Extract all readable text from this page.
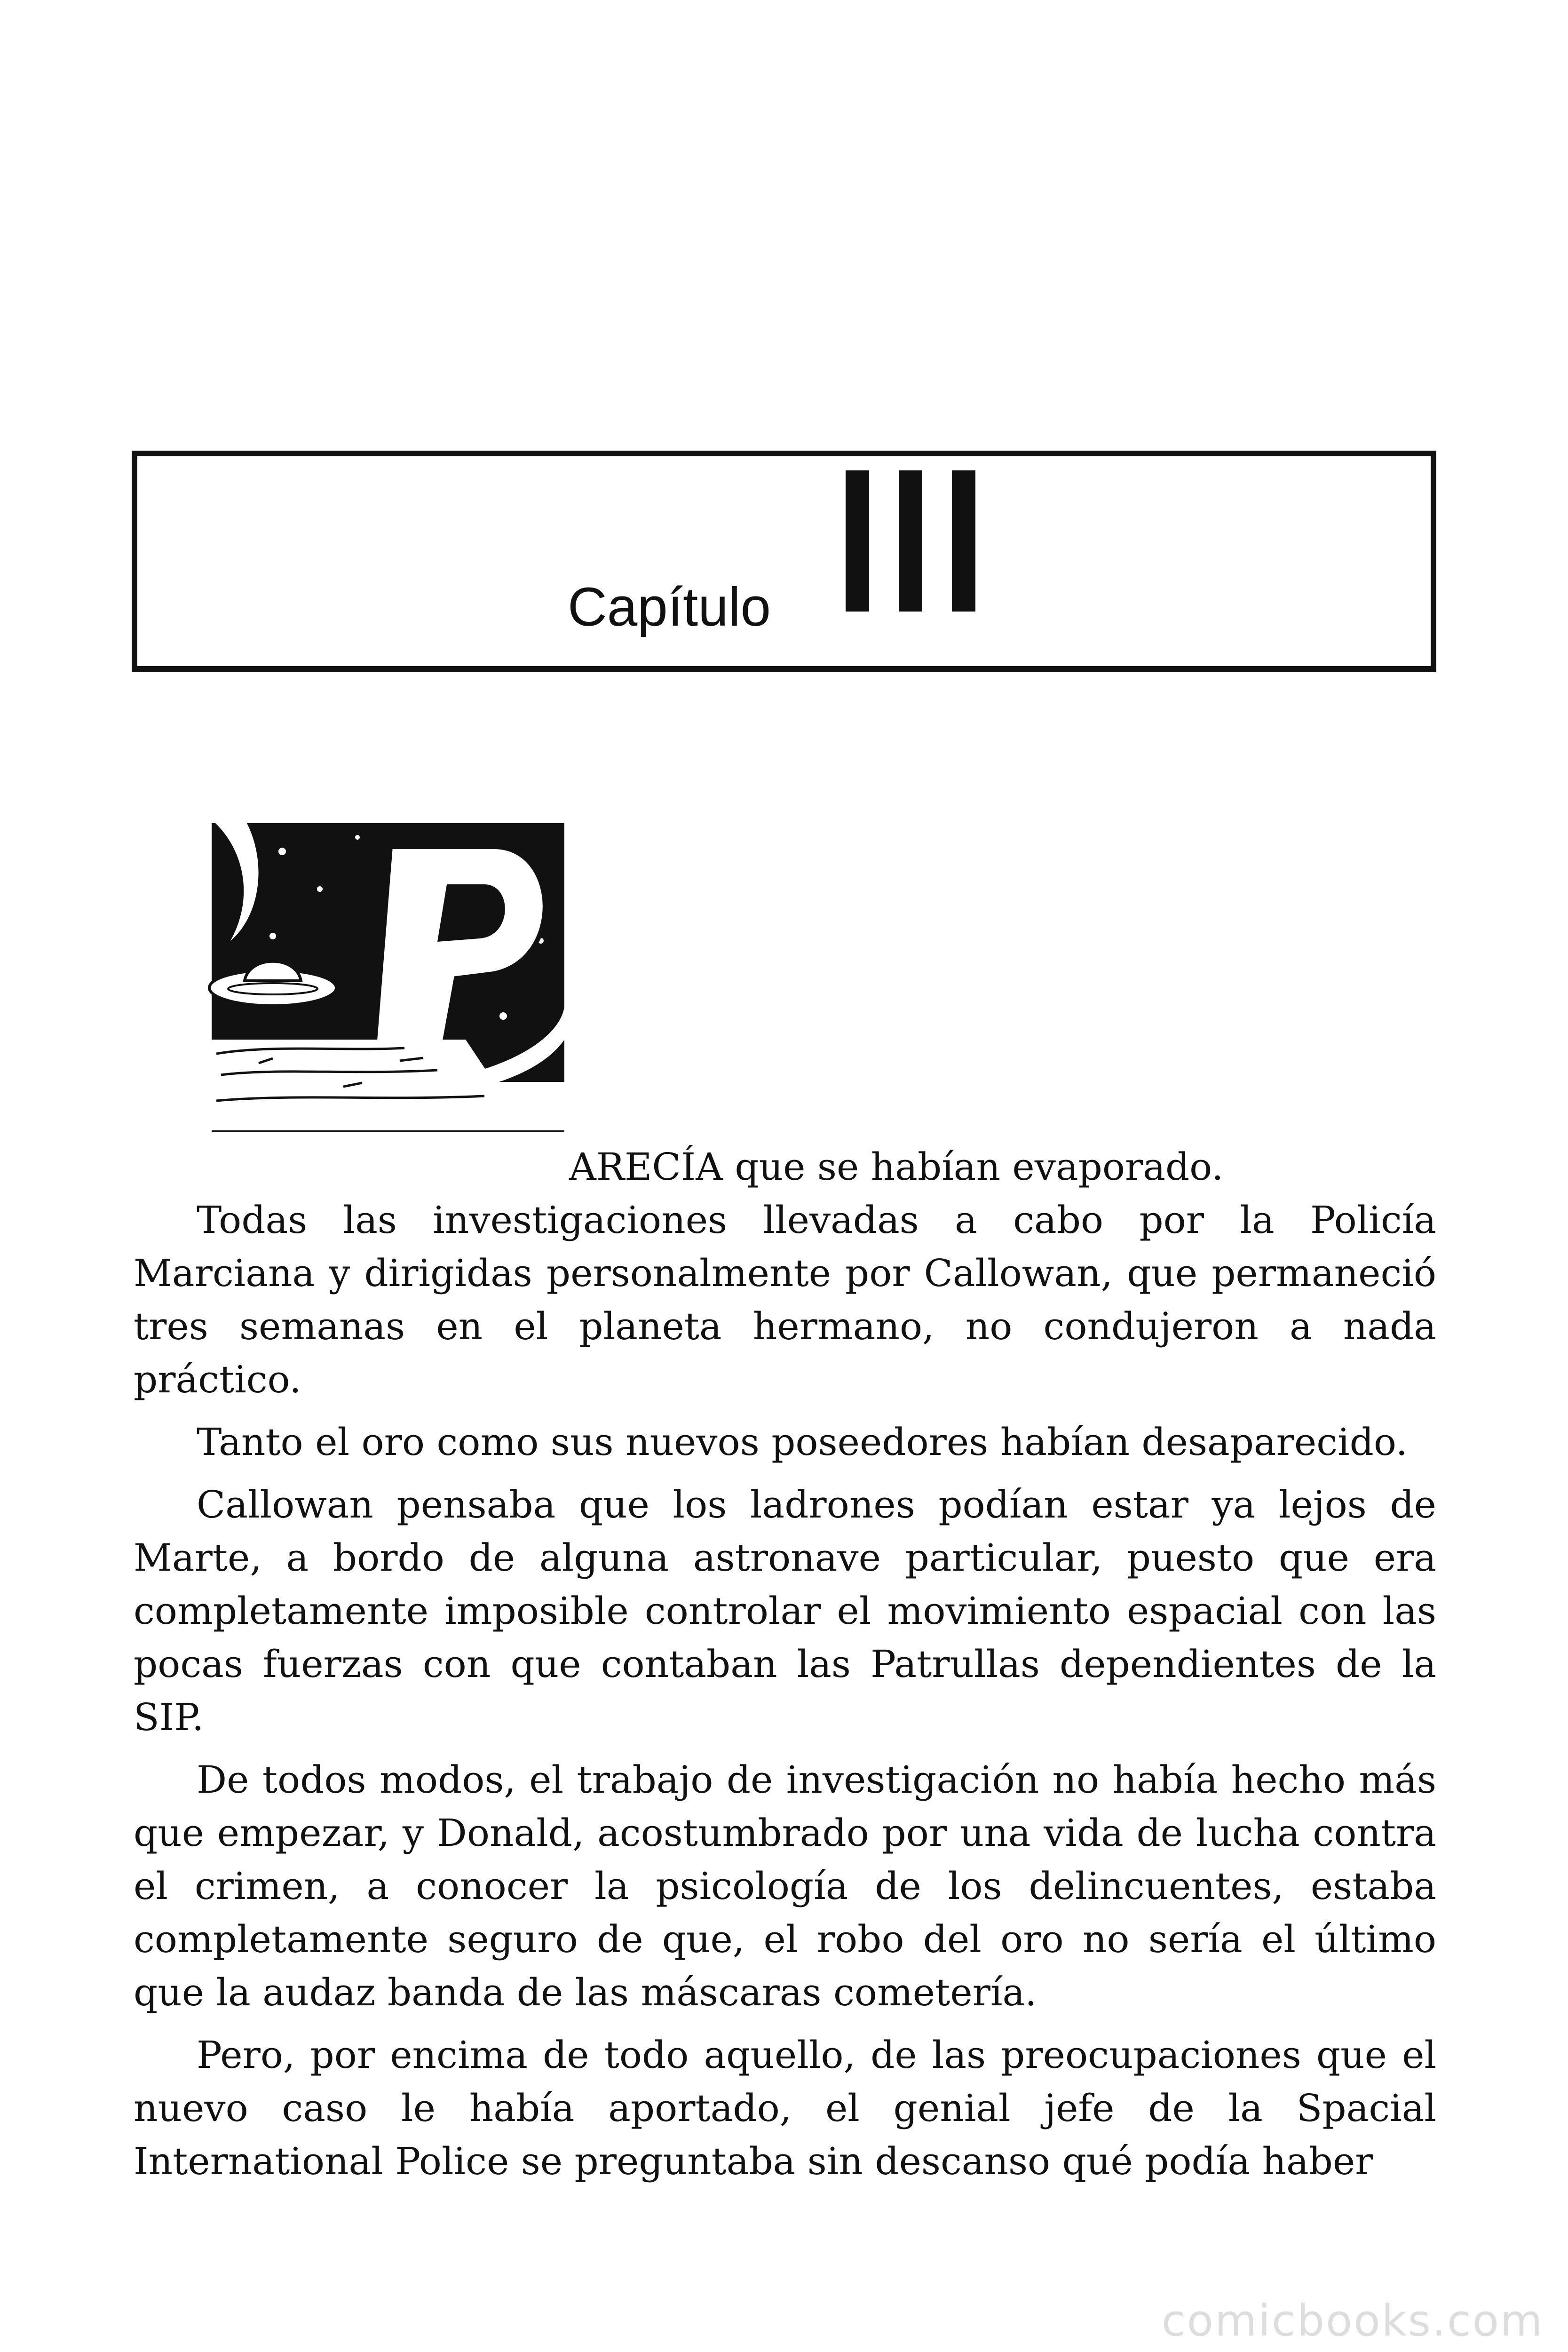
Capítulo

ARECÍA que se habían evaporado.

Todas las investigaciones llevadas a cabo por la Policía Marciana y dirigidas personalmente por Callowan, que permaneció tres semanas en el planeta hermano, no condujeron a nada práctico.

Tanto el oro como sus nuevos poseedores habían desaparecido.

Callowan pensaba que los ladrones podían estar ya lejos de Marte, a bordo de alguna astronave particular, puesto que era completamente imposible controlar el movimiento espacial con las pocas fuerzas con que contaban las Patrullas dependientes de la SIP.

De todos modos, el trabajo de investigación no había hecho más que empezar, y Donald, acostumbrado por una vida de lucha contra el crimen, a conocer la psicología de los delincuentes, estaba completamente seguro de que, el robo del oro no sería el último que la audaz banda de las máscaras cometería.

Pero, por encima de todo aquello, de las preocupaciones que el nuevo caso le había aportado, el genial jefe de la Spacial International Police se preguntaba sin descanso qué podía haber

comicbooks.com
